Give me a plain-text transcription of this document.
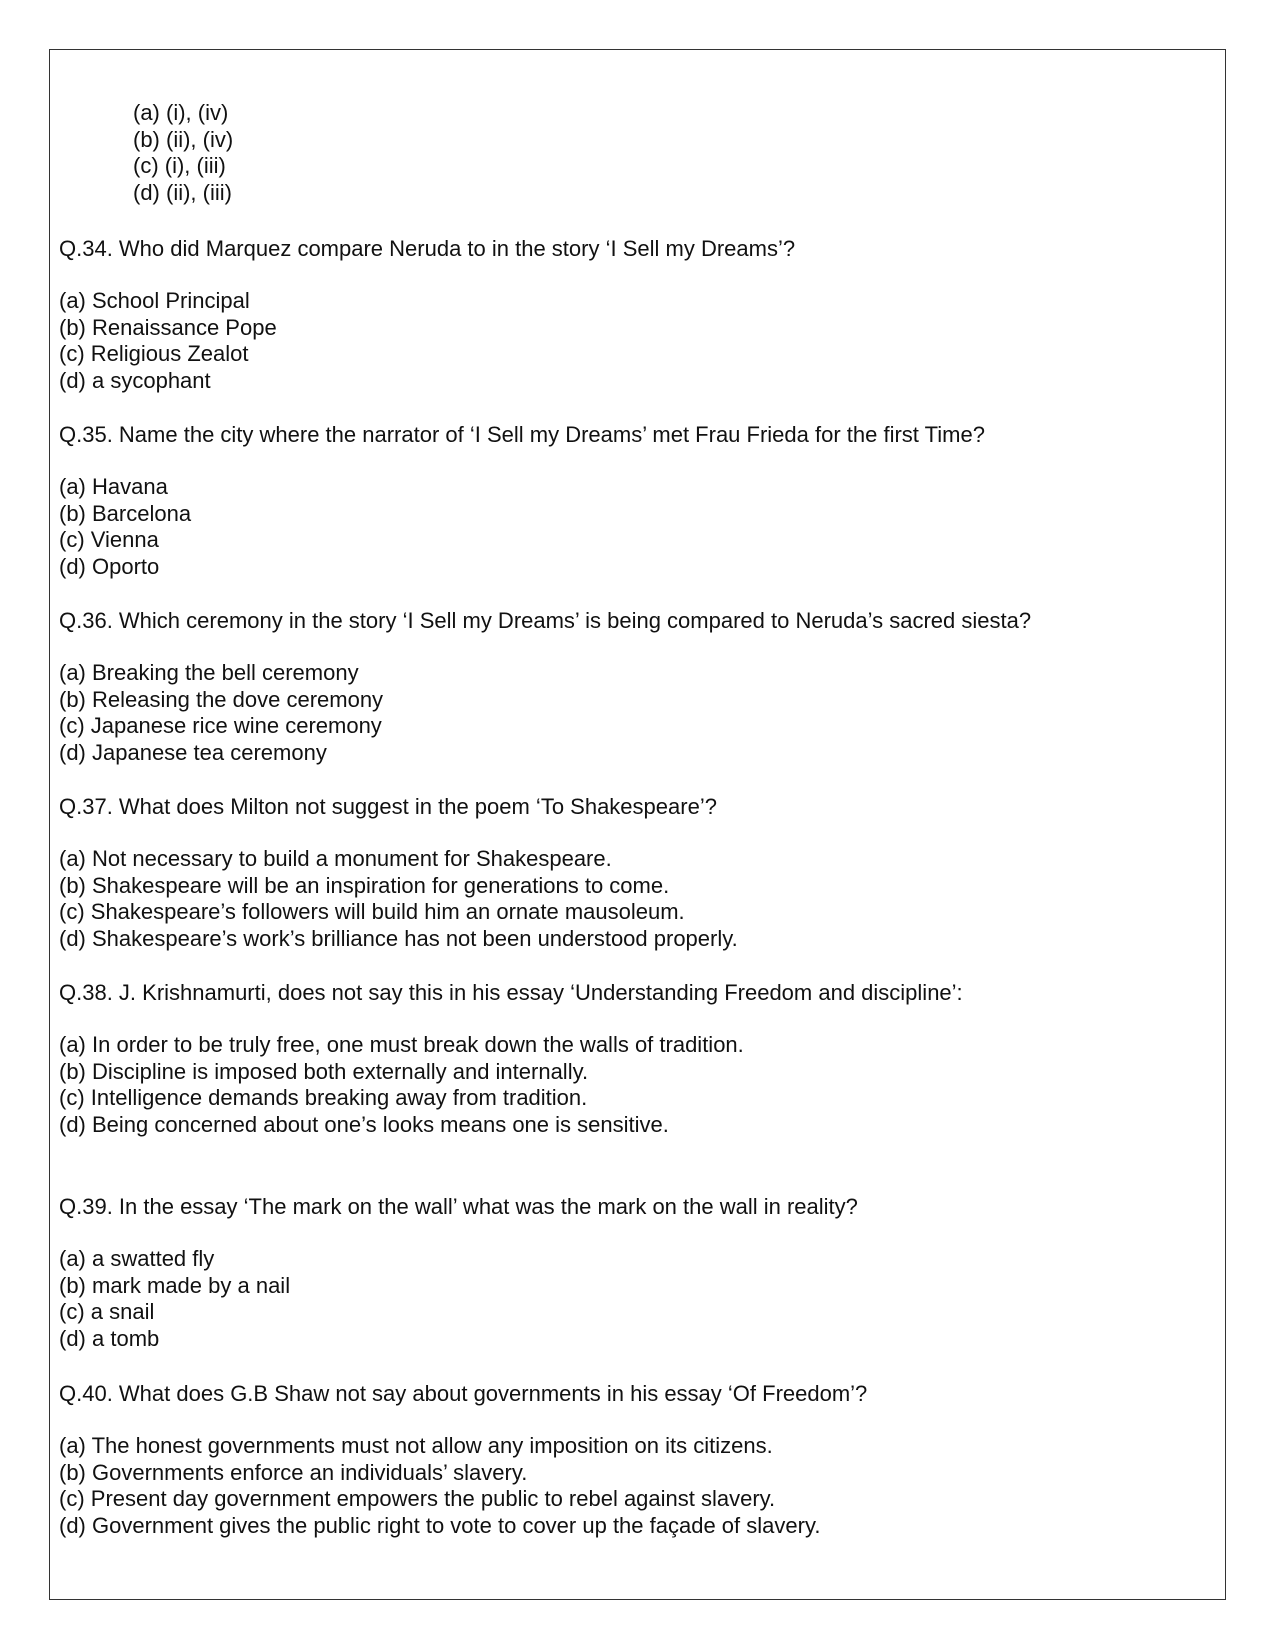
(a) (i), (iv)
(b) (ii), (iv)
(c) (i), (iii)
(d) (ii), (iii)

Q.34. Who did Marquez compare Neruda to in the story ‘I Sell my Dreams’?

(a) School Principal
(b) Renaissance Pope
(c) Religious Zealot
(d) a sycophant

Q.35. Name the city where the narrator of ‘I Sell my Dreams’ met Frau Frieda for the first Time?

(a) Havana
(b) Barcelona
(c) Vienna
(d) Oporto

Q.36. Which ceremony in the story ‘I Sell my Dreams’ is being compared to Neruda’s sacred siesta?

(a) Breaking the bell ceremony
(b) Releasing the dove ceremony
(c) Japanese rice wine ceremony
(d) Japanese tea ceremony

Q.37. What does Milton not suggest in the poem ‘To Shakespeare’?

(a) Not necessary to build a monument for Shakespeare.
(b) Shakespeare will be an inspiration for generations to come.
(c) Shakespeare’s followers will build him an ornate mausoleum.
(d) Shakespeare’s work’s brilliance has not been understood properly.

Q.38. J. Krishnamurti, does not say this in his essay ‘Understanding Freedom and discipline’:

(a) In order to be truly free, one must break down the walls of tradition.
(b) Discipline is imposed both externally and internally.
(c) Intelligence demands breaking away from tradition.
(d) Being concerned about one’s looks means one is sensitive.

Q.39. In the essay ‘The mark on the wall’ what was the mark on the wall in reality?

(a) a swatted fly
(b) mark made by a nail
(c) a snail
(d) a tomb

Q.40. What does G.B Shaw not say about governments in his essay ‘Of Freedom’?

(a) The honest governments must not allow any imposition on its citizens.
(b) Governments enforce an individuals’ slavery.
(c) Present day government empowers the public to rebel against slavery.
(d) Government gives the public right to vote to cover up the façade of slavery.
